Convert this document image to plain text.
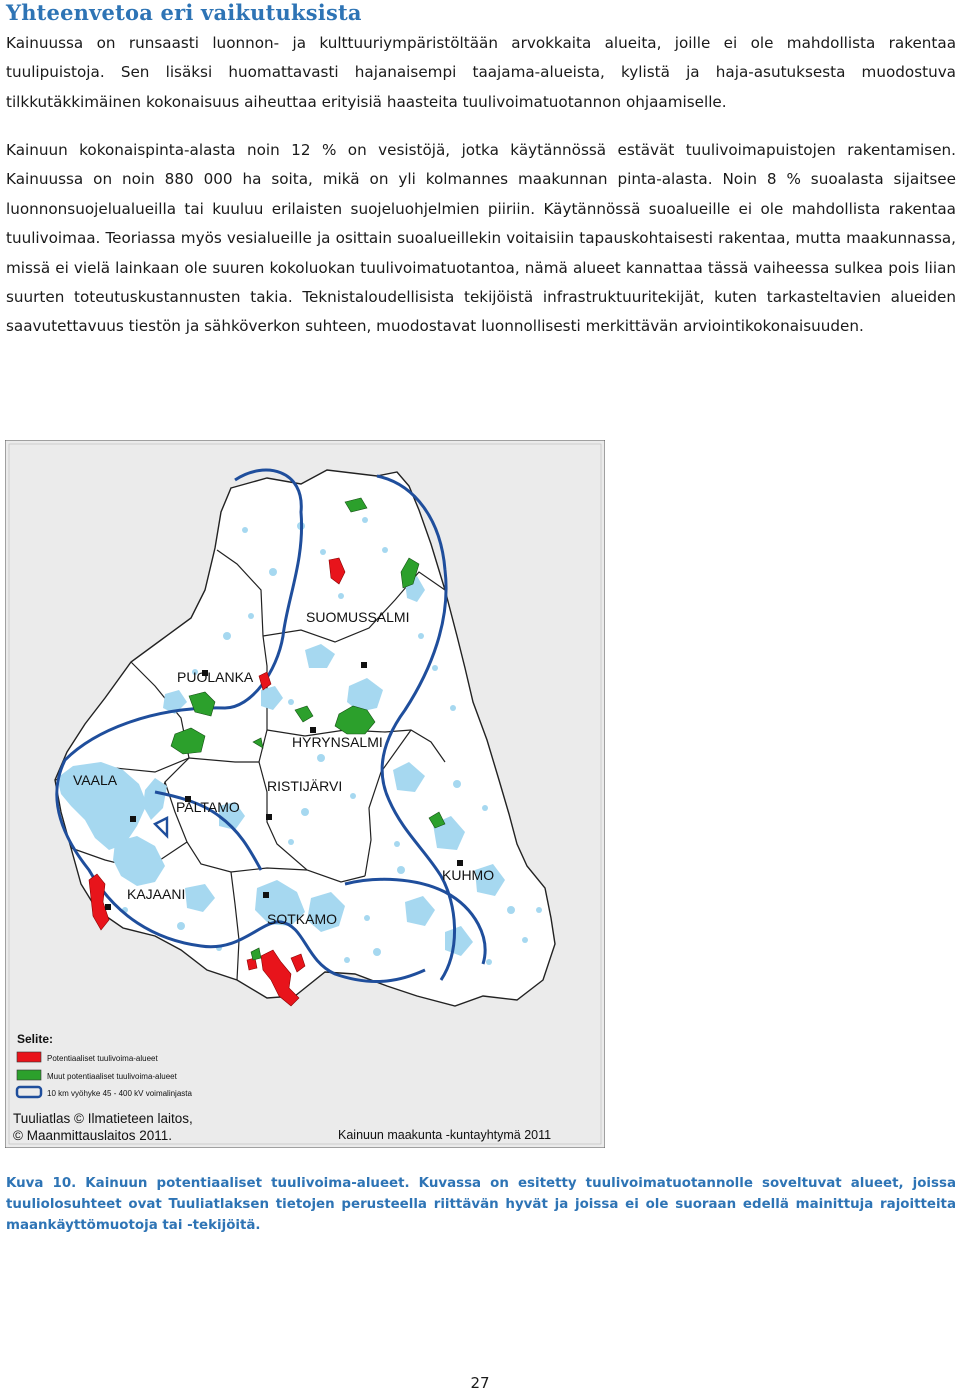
Yhteenvetoa eri vaikutuksista

Kainuussa on runsaasti luonnon- ja kulttuuriympäristöltään arvokkaita alueita, joille ei ole mahdollista rakentaa tuulipuistoja. Sen lisäksi huomattavasti hajanaisempi taajama-alueista, kylistä ja haja-asutuksesta muodostuva tilkkutäkkimäinen kokonaisuus aiheuttaa erityisiä haasteita tuulivoimatuotannon ohjaamiselle.

Kainuun kokonaispinta-alasta noin 12 % on vesistöjä, jotka käytännössä estävät tuulivoimapuistojen rakentamisen. Kainuussa on noin 880 000 ha soita, mikä on yli kolmannes maakunnan pinta-alasta. Noin 8 % suoalasta sijaitsee luonnonsuojelualueilla tai kuuluu erilaisten suojeluohjelmien piiriin. Käytännössä suoalueille ei ole mahdollista rakentaa tuulivoimaa. Teoriassa myös vesialueille ja osittain suoalueillekin voitaisiin tapauskohtaisesti rakentaa, mutta maakunnassa, missä ei vielä lainkaan ole suuren kokoluokan tuulivoimatuotantoa, nämä alueet kannattaa tässä vaiheessa sulkea pois liian suurten toteutuskustannusten takia. Teknistaloudellisista tekijöistä infrastruktuuritekijät, kuten tarkasteltavien alueiden saavutettavuus tiestön ja sähköverkon suhteen, muodostavat luonnollisesti merkittävän arviointikokonaisuuden.

SUOMUSSALMI
PUOLANKA
HYRYNSALMI
VAALA
PALTAMO
RISTIJÄRVI
KAJAANI
KUHMO
SOTKAMO
Selite:
Potentiaaliset tuulivoima-alueet
Muut potentiaaliset tuulivoima-alueet
10 km vyöhyke 45 - 400 kV voimalinjasta
Tuuliatlas © Ilmatieteen laitos,
© Maanmittauslaitos 2011.	Kainuun maakunta -kuntayhtymä 2011

Kuva 10. Kainuun potentiaaliset tuulivoima-alueet. Kuvassa on esitetty tuulivoimatuotannolle soveltuvat alueet, joissa tuuliolosuhteet ovat Tuuliatlaksen tietojen perusteella riittävän hyvät ja joissa ei ole suoraan edellä mainittuja rajoitteita maankäyttömuotoja tai -tekijöitä.

27
